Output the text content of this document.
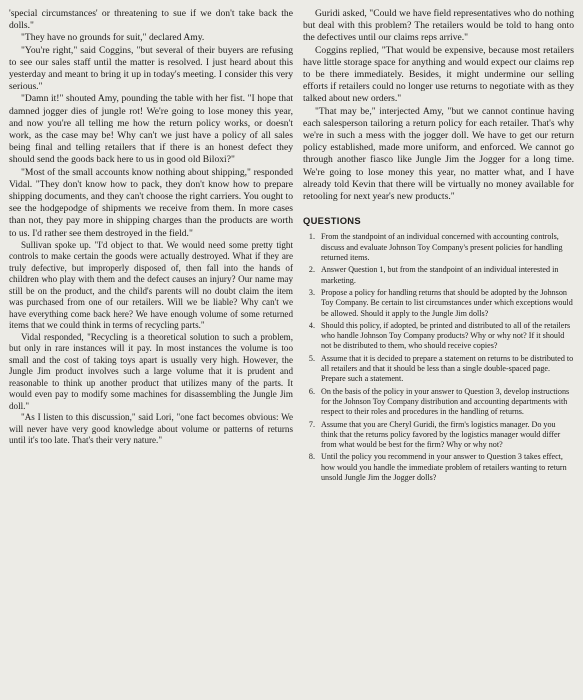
'special circumstances' or threatening to sue if we don't take back the dolls."

"They have no grounds for suit," declared Amy.

"You're right," said Coggins, "but several of their buyers are refusing to see our sales staff until the matter is resolved. I just heard about this yesterday and meant to bring it up in today's meeting. I consider this very serious."

"Damn it!" shouted Amy, pounding the table with her fist. "I hope that damned jogger dies of jungle rot! We're going to lose money this year, and now you're all telling me how the return policy works, or doesn't work, as the case may be! Why can't we just have a policy of all sales being final and telling retailers that if there is an honest defect they should send the goods back here to us in good old Biloxi?"

"Most of the small accounts know nothing about shipping," responded Vidal. "They don't know how to pack, they don't know how to prepare shipping documents, and they can't choose the right carriers. You ought to see the hodgepodge of shipments we receive from them. In more cases than not, they pay more in shipping charges than the products are worth to us. I'd rather see them destroyed in the field."

Sullivan spoke up. "I'd object to that. We would need some pretty tight controls to make certain the goods were actually destroyed. What if they are truly defective, but improperly disposed of, then fall into the hands of children who play with them and the defect causes an injury? Our name may still be on the product, and the child's parents will no doubt claim the item was purchased from one of our retailers. Will we be liable? Why can't we have everything come back here? We have enough volume of some returned items that we could think in terms of recycling parts."

Vidal responded, "Recycling is a theoretical solution to such a problem, but only in rare instances will it pay. In most instances the volume is too small and the cost of taking toys apart is usually very high. However, the Jungle Jim product involves such a large volume that it is prudent and reasonable to think up another product that utilizes many of the parts. It would even pay to modify some machines for disassembling the Jungle Jim doll."

"As I listen to this discussion," said Lori, "one fact becomes obvious: We will never have very good knowledge about volume or patterns of returns until it's too late. That's their very nature."

Guridi asked, "Could we have field representatives who do nothing but deal with this problem? The retailers would be told to hang onto the defectives until our claims reps arrive."

Coggins replied, "That would be expensive, because most retailers have little storage space for anything and would expect our claims rep to be there immediately. Besides, it might undermine our selling efforts if retailers could no longer use returns to negotiate with as they talked about new orders."

"That may be," interjected Amy, "but we cannot continue having each salesperson tailoring a return policy for each retailer. That's why we're in such a mess with the jogger doll. We have to get our return policy established, made more uniform, and enforced. We cannot go through another fiasco like Jungle Jim the Jogger for a long time. We're going to lose money this year, no matter what, and I have already told Kevin that there will be virtually no money available for retooling for next year's new products."

QUESTIONS
1. From the standpoint of an individual concerned with accounting controls, discuss and evaluate Johnson Toy Company's present policies for handling returned items.
2. Answer Question 1, but from the standpoint of an individual interested in marketing.
3. Propose a policy for handling returns that should be adopted by the Johnson Toy Company. Be certain to list circumstances under which exceptions would be allowed. Should it apply to the Jungle Jim dolls?
4. Should this policy, if adopted, be printed and distributed to all of the retailers who handle Johnson Toy Company products? Why or why not? If it should not be distributed to them, who should receive copies?
5. Assume that it is decided to prepare a statement on returns to be distributed to all retailers and that it should be less than a single double-spaced page. Prepare such a statement.
6. On the basis of the policy in your answer to Question 3, develop instructions for the Johnson Toy Company distribution and accounting departments with respect to their roles and procedures in the handling of returns.
7. Assume that you are Cheryl Guridi, the firm's logistics manager. Do you think that the returns policy favored by the logistics manager would differ from what would be best for the firm? Why or why not?
8. Until the policy you recommend in your answer to Question 3 takes effect, how would you handle the immediate problem of retailers wanting to return unsold Jungle Jim the Jogger dolls?
